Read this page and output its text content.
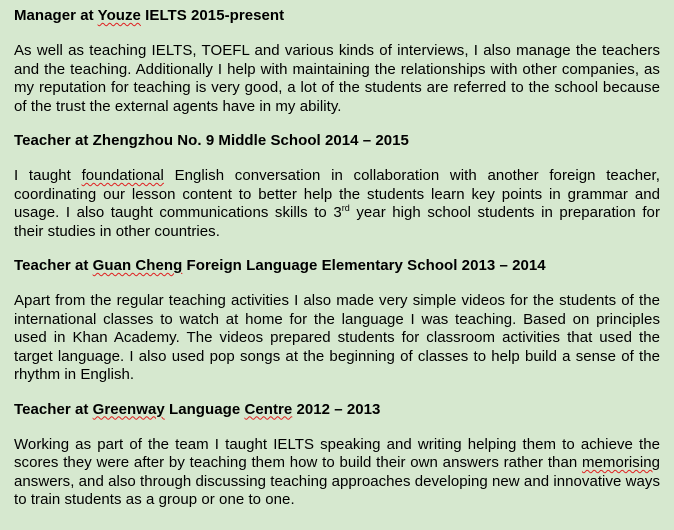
Manager at Youze IELTS 2015-present

As well as teaching IELTS, TOEFL and various kinds of interviews, I also manage the teachers and the teaching. Additionally I help with maintaining the relationships with other companies, as my reputation for teaching is very good, a lot of the students are referred to the school because of the trust the external agents have in my ability.

Teacher at Zhengzhou No. 9 Middle School 2014 – 2015

I taught foundational English conversation in collaboration with another foreign teacher, coordinating our lesson content to better help the students learn key points in grammar and usage. I also taught communications skills to 3rd year high school students in preparation for their studies in other countries.

Teacher at Guan Cheng Foreign Language Elementary School 2013 – 2014

Apart from the regular teaching activities I also made very simple videos for the students of the international classes to watch at home for the language I was teaching. Based on principles used in Khan Academy. The videos prepared students for classroom activities that used the target language. I also used pop songs at the beginning of classes to help build a sense of the rhythm in English.

Teacher at Greenway Language Centre 2012 – 2013

Working as part of the team I taught IELTS speaking and writing helping them to achieve the scores they were after by teaching them how to build their own answers rather than memorising answers, and also through discussing teaching approaches developing new and innovative ways to train students as a group or one to one.
